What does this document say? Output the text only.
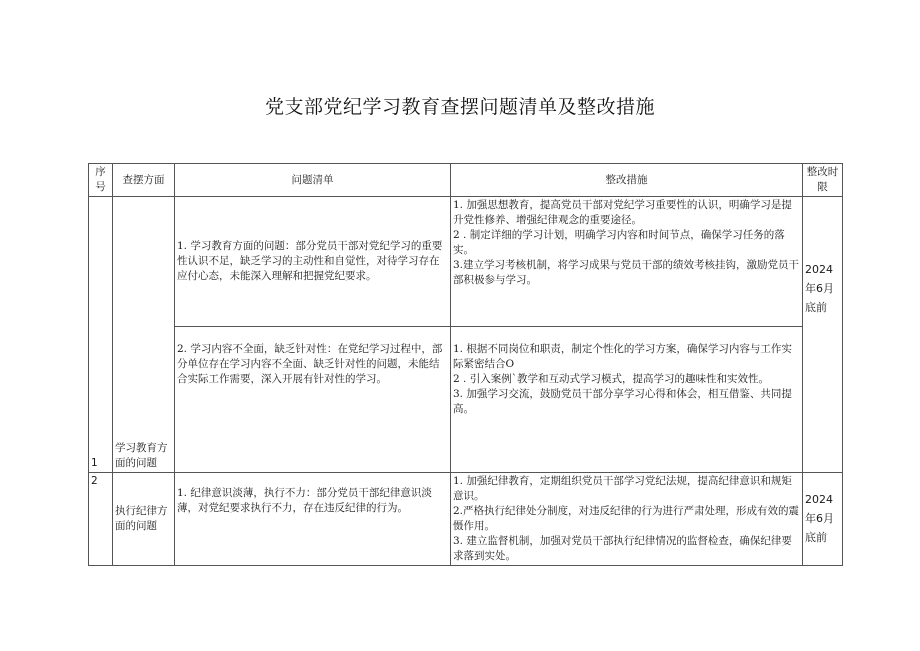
党支部党纪学习教育查摆问题清单及整改措施
序号	查摆方面	问题清单	整改措施	整改时限
1	学习教育方面的问题	1. 学习教育方面的问题：部分党员干部对党纪学习的重要性认识不足，缺乏学习的主动性和自觉性，对待学习存在应付心态，未能深入理解和把握党纪要求。	1. 加强思想教育，提高党员干部对党纪学习重要性的认识，明确学习是提升党性修养、增强纪律观念的重要途径。
2 . 制定详细的学习计划，明确学习内容和时间节点，确保学习任务的落实。
3.建立学习考核机制，将学习成果与党员干部的绩效考核挂钩，激励党员干部积极参与学习。	2024年6月底前

2. 学习内容不全面，缺乏针对性：在党纪学习过程中，部分单位存在学习内容不全面、缺乏针对性的问题，未能结合实际工作需要，深入开展有针对性的学习。	1. 根据不同岗位和职责，制定个性化的学习方案，确保学习内容与工作实际紧密结合O
2 . 引入案例`教学和互动式学习模式，提高学习的趣味性和实效性。
3. 加强学习交流，鼓励党员干部分享学习心得和体会，相互借鉴、共同提高。	

2	执行纪律方面的问题	1. 纪律意识淡薄，执行不力：部分党员干部纪律意识淡薄，对党纪要求执行不力，存在违反纪律的行为。	1. 加强纪律教育，定期组织党员干部学习党纪法规，提高纪律意识和规矩意识。
2.严格执行纪律处分制度，对违反纪律的行为进行严肃处理，形成有效的震慑作用。
3. 建立监督机制，加强对党员干部执行纪律情况的监督检查，确保纪律要求落到实处。	2024年6月底前
